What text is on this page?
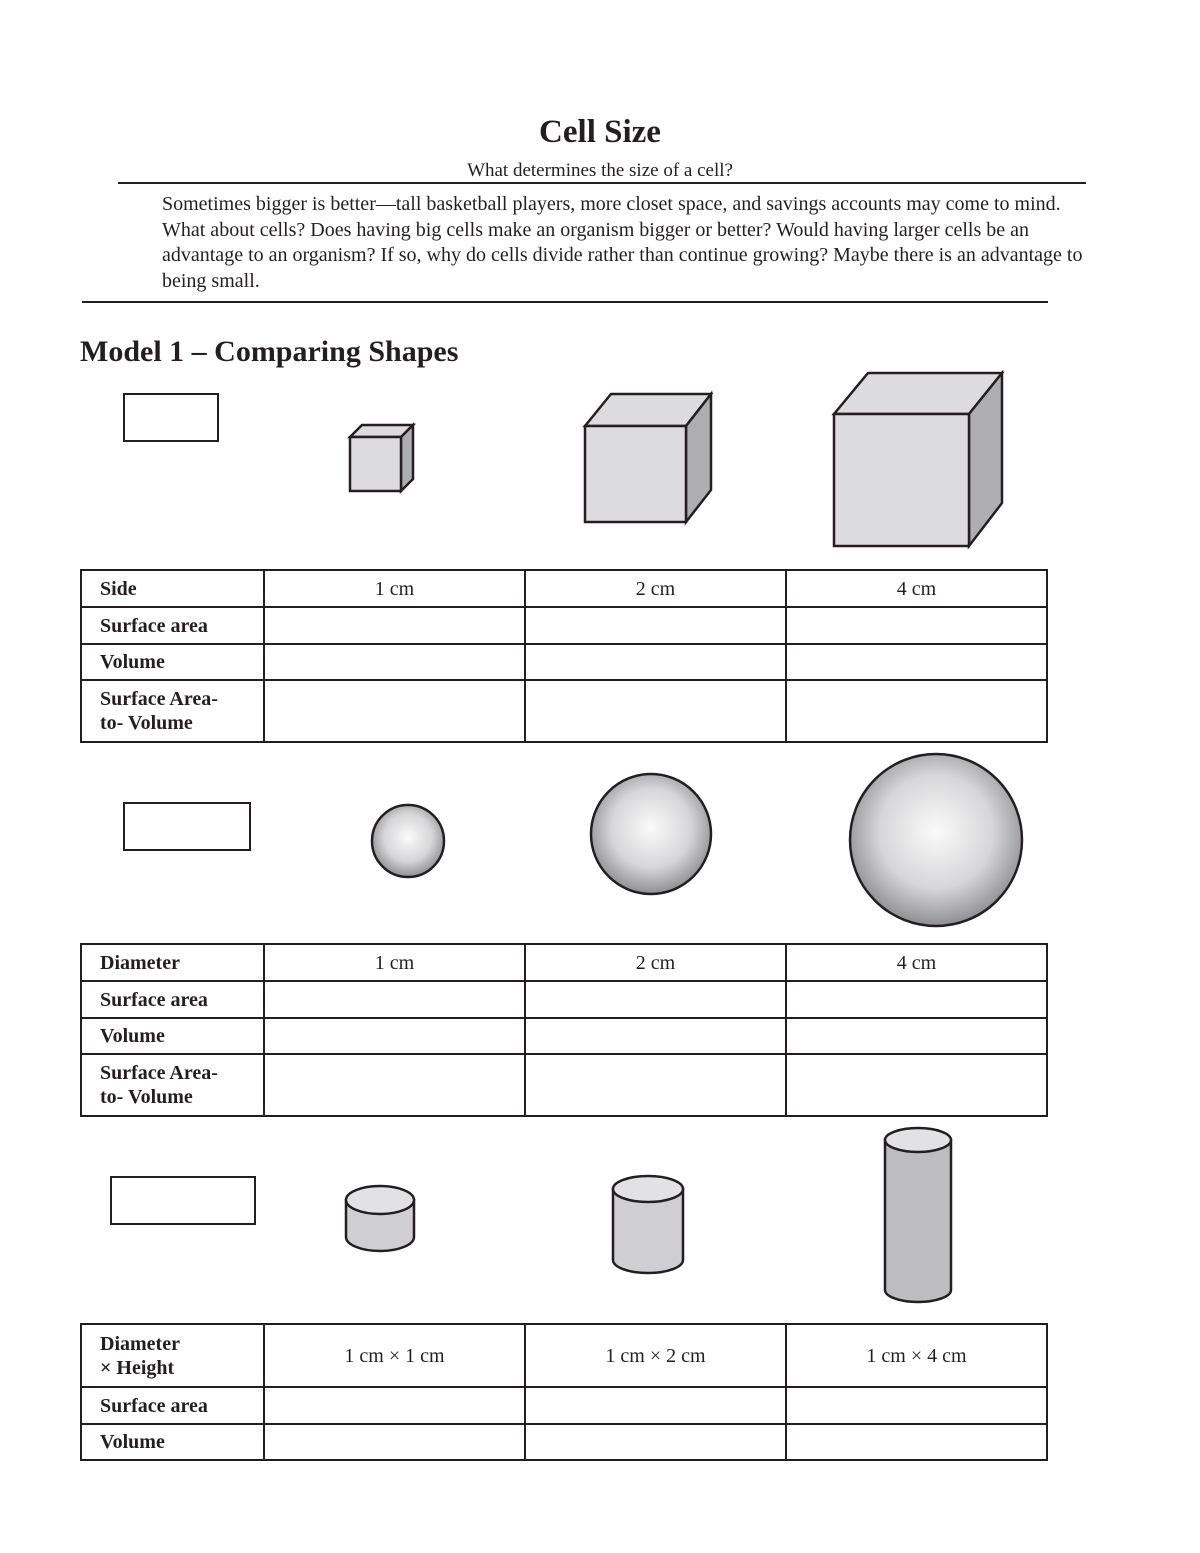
Cell Size
What determines the size of a cell?
Sometimes bigger is better—tall basketball players, more closet space, and savings accounts may come to mind. What about cells? Does having big cells make an organism bigger or better? Would having larger cells be an advantage to an organism? If so, why do cells divide rather than continue growing? Maybe there is an advantage to being small.
Model 1 – Comparing Shapes
Side	1 cm	2 cm	4 cm
Surface area			
Volume			

Surface Area-
to- Volume			

Diameter	1 cm	2 cm	4 cm
Surface area			
Volume			

Surface Area-
to- Volume			

Diameter
× Height	1 cm × 1 cm	1 cm × 2 cm	1 cm × 4 cm
Surface area			
Volume			
